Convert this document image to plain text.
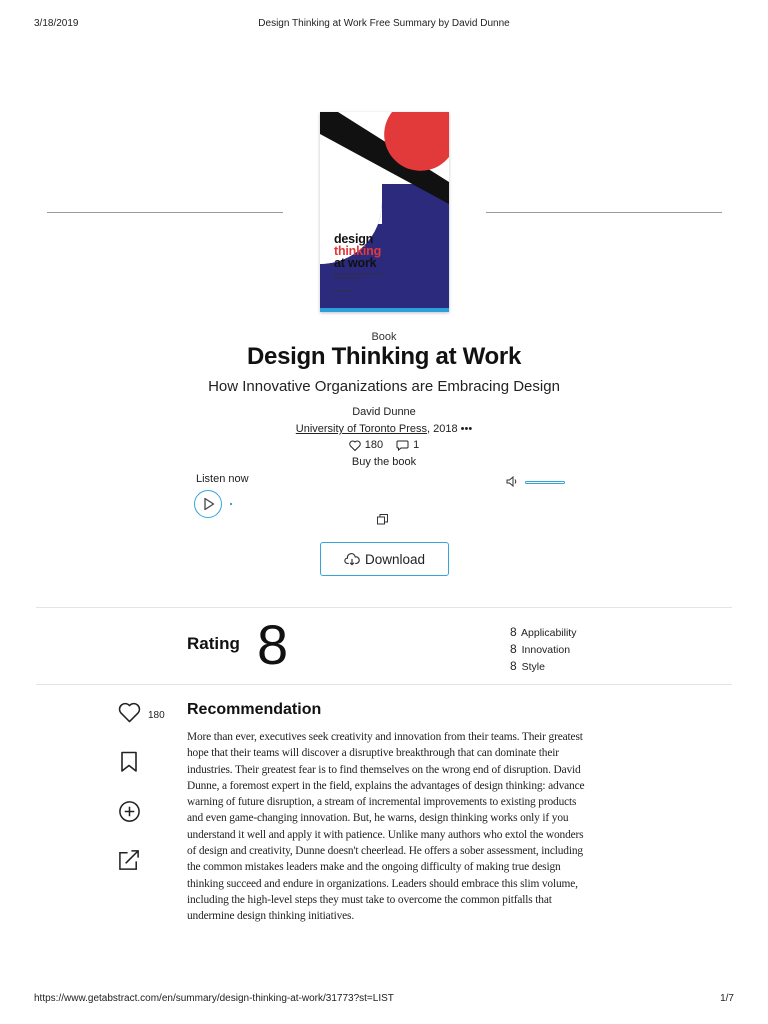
3/18/2019	Design Thinking at Work Free Summary by David Dunne
design
thinking
at work
how innovative organizations are embracing design
david dunne
Book
Design Thinking at Work
How Innovative Organizations are Embracing Design
David Dunne
University of Toronto Press, 2018 •••
180
	1
Buy the book
Listen now
Download
Rating 8	8 Applicability
8 Innovation
8 Style
180 Recommendation
More than ever, executives seek creativity and innovation from their teams. Their greatest hope that their teams will discover a disruptive breakthrough that can dominate their industries. Their greatest fear is to find themselves on the wrong end of disruption. David Dunne, a foremost expert in the field, explains the advantages of design thinking: advance warning of future disruption, a stream of incremental improvements to existing products and even game-changing innovation. But, he warns, design thinking works only if you understand it well and apply it with patience. Unlike many authors who extol the wonders of design and creativity, Dunne doesn't cheerlead. He offers a sober assessment, including the common mistakes leaders make and the ongoing difficulty of making true design thinking succeed and endure in organizations. Leaders should embrace this slim volume, including the high-level steps they must take to overcome the common pitfalls that undermine design thinking initiatives.
https://www.getabstract.com/en/summary/design-thinking-at-work/31773?st=LIST	1/7
